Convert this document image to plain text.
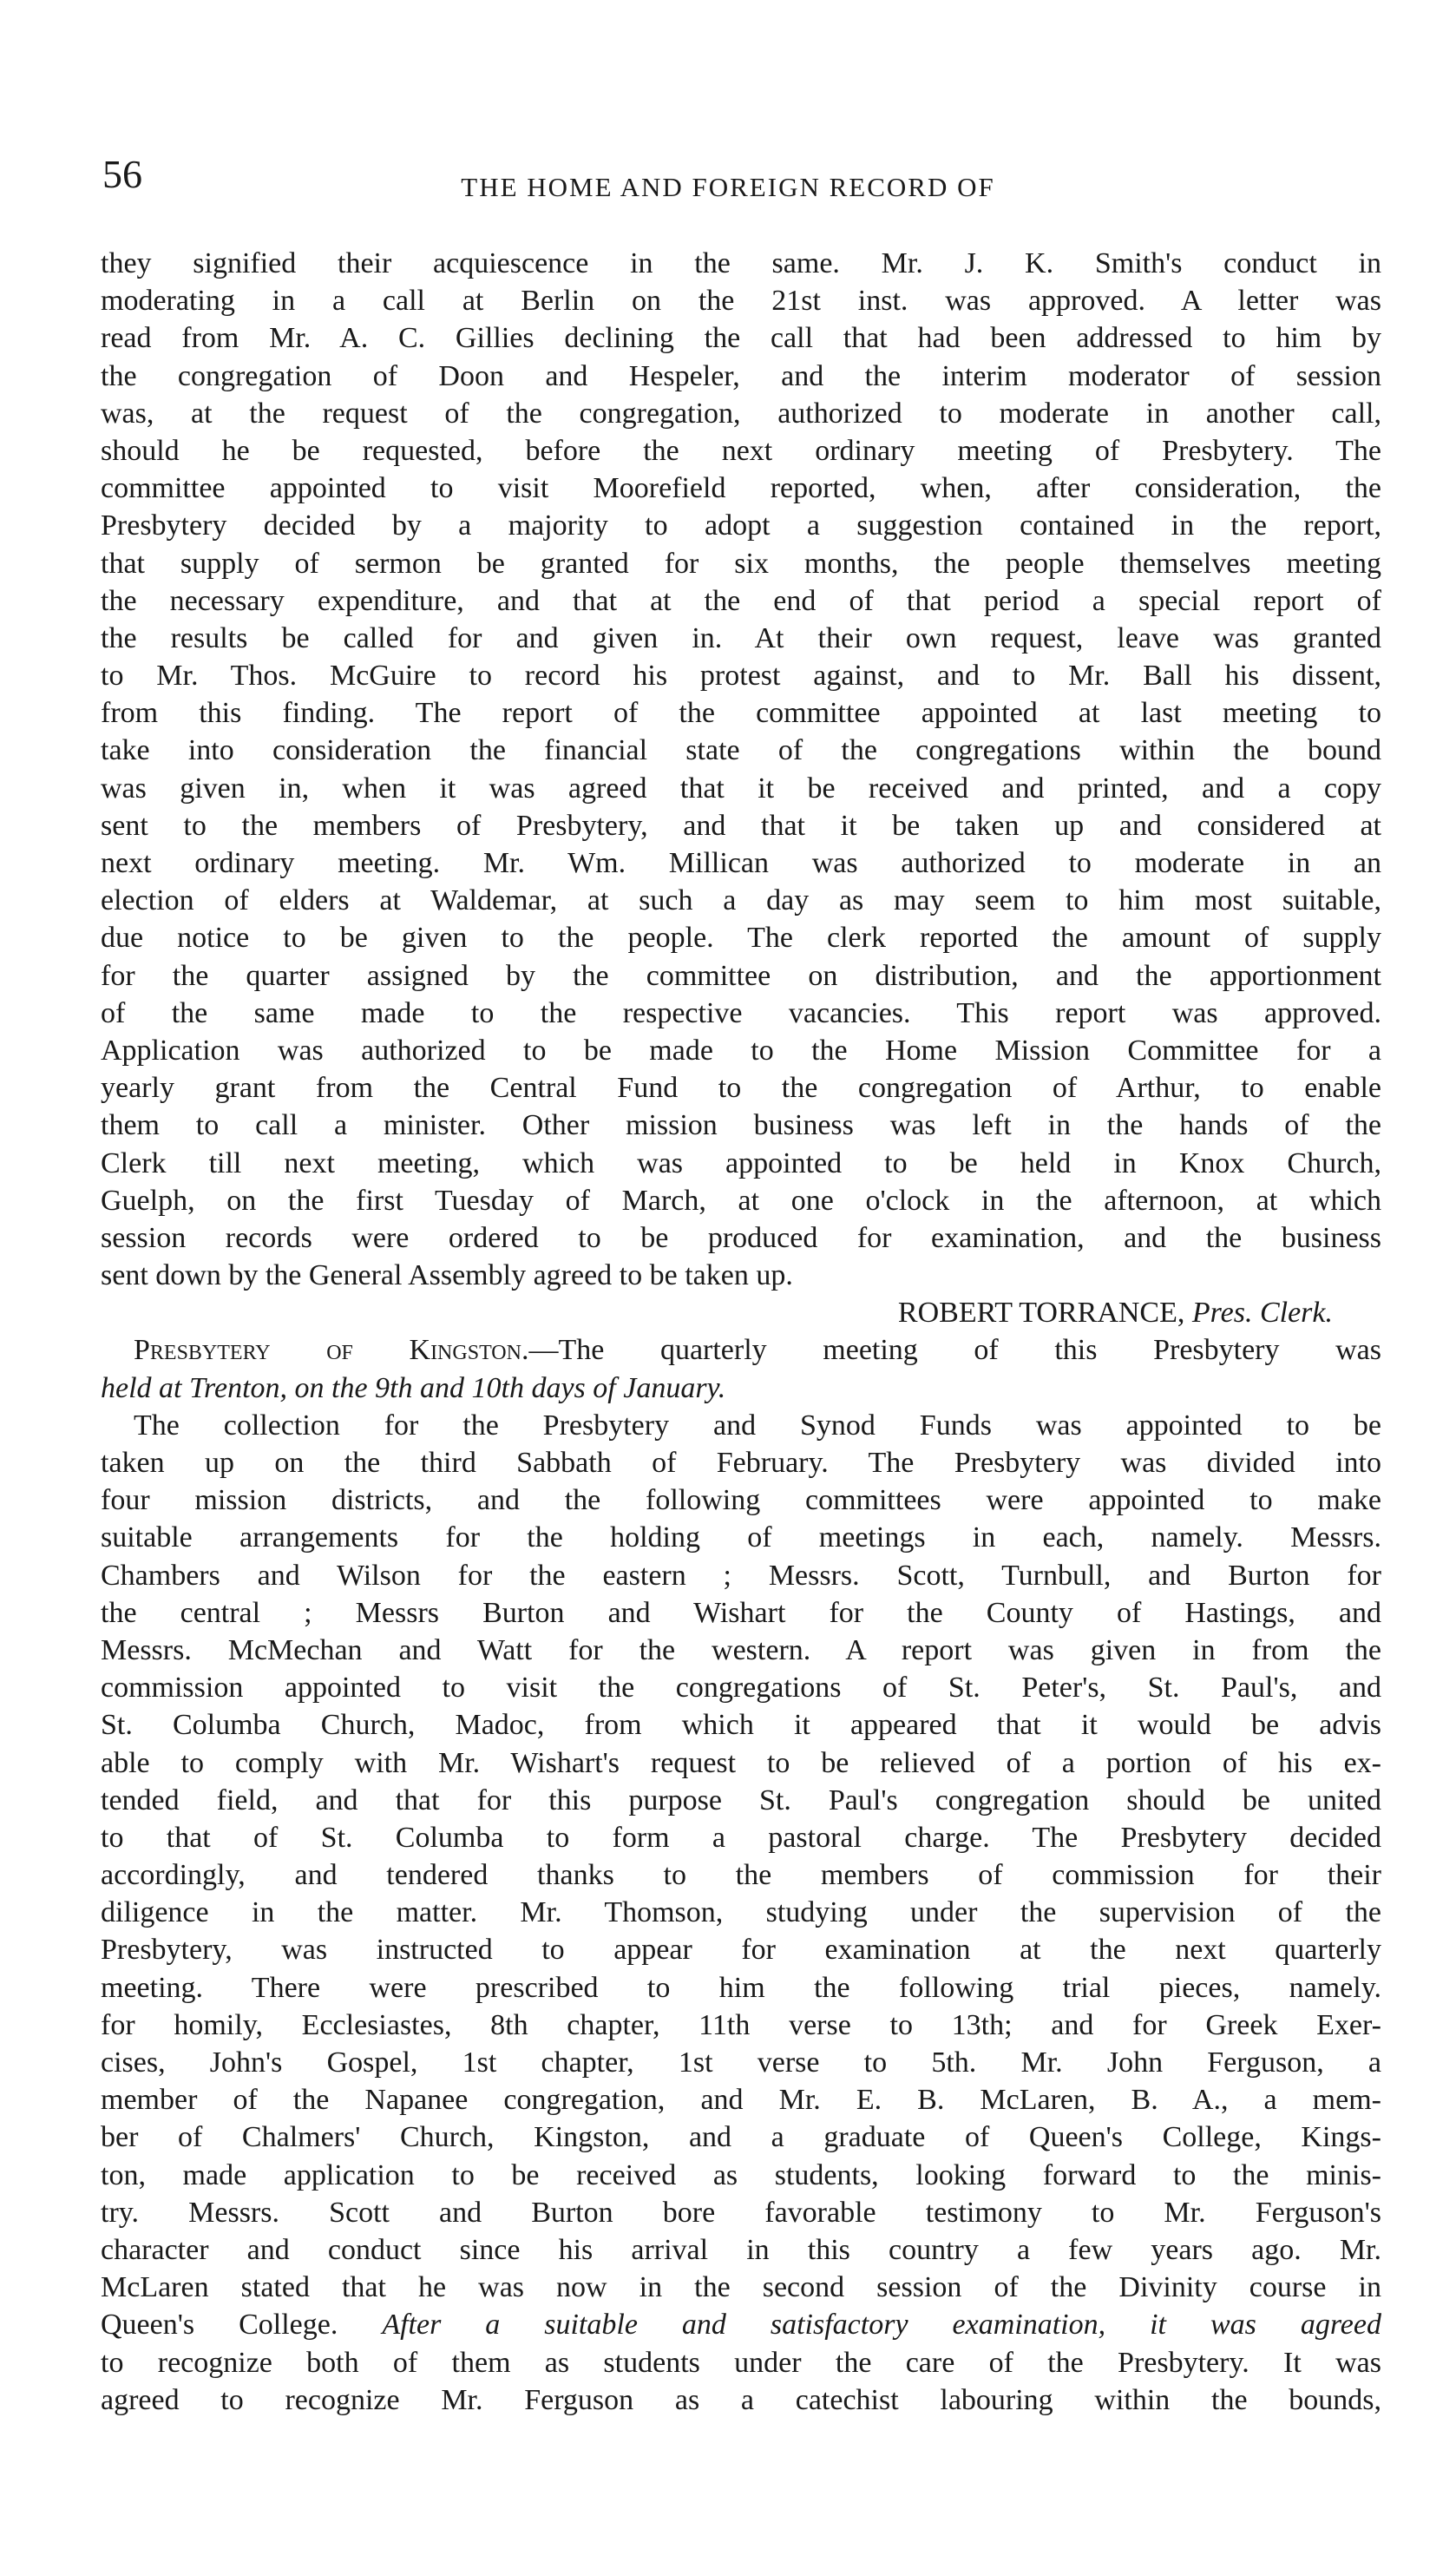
56	THE HOME AND FOREIGN RECORD OF
they signified their acquiescence in the same. Mr. J. K. Smith's conduct in
moderating in a call at Berlin on the 21st inst. was approved. A letter was
read from Mr. A. C. Gillies declining the call that had been addressed to him by
the congregation of Doon and Hespeler, and the interim moderator of session
was, at the request of the congregation, authorized to moderate in another call,
should he be requested, before the next ordinary meeting of Presbytery. The
committee appointed to visit Moorefield reported, when, after consideration, the
Presbytery decided by a majority to adopt a suggestion contained in the report,
that supply of sermon be granted for six months, the people themselves meeting
the necessary expenditure, and that at the end of that period a special report of
the results be called for and given in. At their own request, leave was granted
to Mr. Thos. McGuire to record his protest against, and to Mr. Ball his dissent,
from this finding. The report of the committee appointed at last meeting to
take into consideration the financial state of the congregations within the bound
was given in, when it was agreed that it be received and printed, and a copy
sent to the members of Presbytery, and that it be taken up and considered at
next ordinary meeting. Mr. Wm. Millican was authorized to moderate in an
election of elders at Waldemar, at such a day as may seem to him most suitable,
due notice to be given to the people. The clerk reported the amount of supply
for the quarter assigned by the committee on distribution, and the apportionment
of the same made to the respective vacancies. This report was approved.
Application was authorized to be made to the Home Mission Committee for a
yearly grant from the Central Fund to the congregation of Arthur, to enable
them to call a minister. Other mission business was left in the hands of the
Clerk till next meeting, which was appointed to be held in Knox Church,
Guelph, on the first Tuesday of March, at one o'clock in the afternoon, at which
session records were ordered to be produced for examination, and the business
sent down by the General Assembly agreed to be taken up.
ROBERT TORRANCE, Pres. Clerk.
Presbytery of Kingston.—The quarterly meeting of this Presbytery was
held at Trenton, on the 9th and 10th days of January.
The collection for the Presbytery and Synod Funds was appointed to be
taken up on the third Sabbath of February. The Presbytery was divided into
four mission districts, and the following committees were appointed to make
suitable arrangements for the holding of meetings in each, namely. Messrs.
Chambers and Wilson for the eastern ; Messrs. Scott, Turnbull, and Burton for
the central ; Messrs Burton and Wishart for the County of Hastings, and
Messrs. McMechan and Watt for the western. A report was given in from the
commission appointed to visit the congregations of St. Peter's, St. Paul's, and
St. Columba Church, Madoc, from which it appeared that it would be advis
able to comply with Mr. Wishart's request to be relieved of a portion of his ex-
tended field, and that for this purpose St. Paul's congregation should be united
to that of St. Columba to form a pastoral charge. The Presbytery decided
accordingly, and tendered thanks to the members of commission for their
diligence in the matter. Mr. Thomson, studying under the supervision of the
Presbytery, was instructed to appear for examination at the next quarterly
meeting. There were prescribed to him the following trial pieces, namely.
for homily, Ecclesiastes, 8th chapter, 11th verse to 13th; and for Greek Exer-
cises, John's Gospel, 1st chapter, 1st verse to 5th. Mr. John Ferguson, a
member of the Napanee congregation, and Mr. E. B. McLaren, B. A., a mem-
ber of Chalmers' Church, Kingston, and a graduate of Queen's College, Kings-
ton, made application to be received as students, looking forward to the minis-
try. Messrs. Scott and Burton bore favorable testimony to Mr. Ferguson's
character and conduct since his arrival in this country a few years ago. Mr.
McLaren stated that he was now in the second session of the Divinity course in
Queen's College. After a suitable and satisfactory examination, it was agreed
to recognize both of them as students under the care of the Presbytery. It was
agreed to recognize Mr. Ferguson as a catechist labouring within the bounds,
